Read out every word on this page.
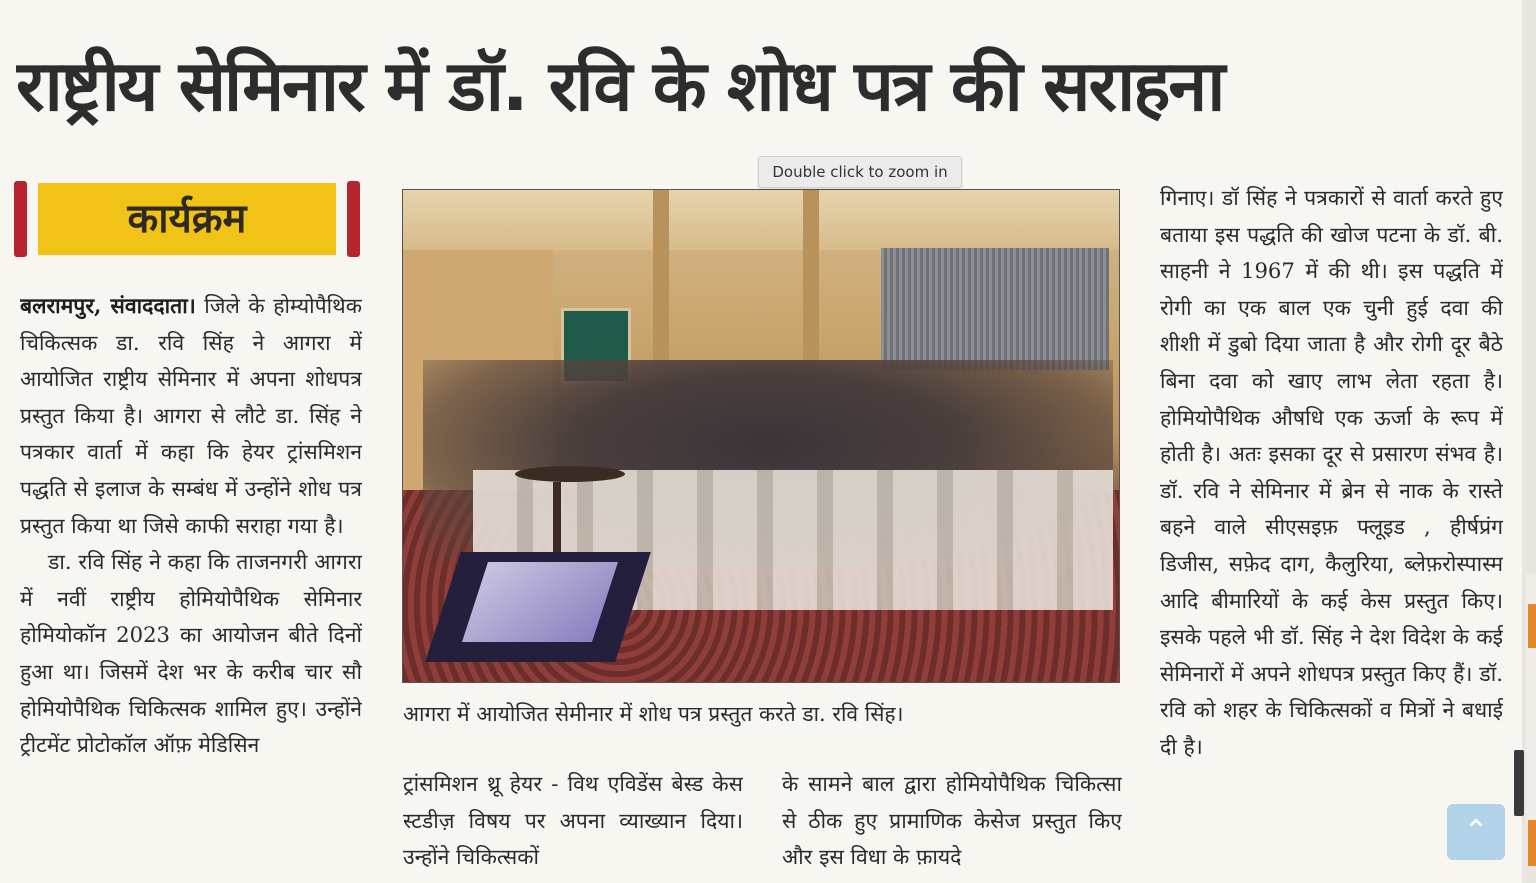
राष्ट्रीय सेमिनार में डॉ. रवि के शोध पत्र की सराहना
कार्यक्रम

बलरामपुर, संवाददाता। जिले के होम्योपैथिक चिकित्सक डा. रवि सिंह ने आगरा में आयोजित राष्ट्रीय सेमिनार में अपना शोधपत्र प्रस्तुत किया है। आगरा से लौटे डा. सिंह ने पत्रकार वार्ता में कहा कि हेयर ट्रांसमिशन पद्धति से इलाज के सम्बंध में उन्होंने शोध पत्र प्रस्तुत किया था जिसे काफी सराहा गया है।

डा. रवि सिंह ने कहा कि ताजनगरी आगरा में नवीं राष्ट्रीय होमियोपैथिक सेमिनार होमियोकॉन 2023 का आयोजन बीते दिनों हुआ था। जिसमें देश भर के करीब चार सौ होमियोपैथिक चिकित्सक शामिल हुए। उन्होंने ट्रीटमेंट प्रोटोकॉल ऑफ़ मेडिसिन

आगरा में आयोजित सेमीनार में शोध पत्र प्रस्तुत करते डा. रवि सिंह।

ट्रांसमिशन थ्रू हेयर - विथ एविडेंस बेस्ड केस स्टडीज़ विषय पर अपना व्याख्यान दिया। उन्होंने चिकित्सकों

के सामने बाल द्वारा होमियोपैथिक चिकित्सा से ठीक हुए प्रामाणिक केसेज प्रस्तुत किए और इस विधा के फ़ायदे

गिनाए। डॉ सिंह ने पत्रकारों से वार्ता करते हुए बताया इस पद्धति की खोज पटना के डॉ. बी. साहनी ने 1967 में की थी। इस पद्धति में रोगी का एक बाल एक चुनी हुई दवा की शीशी में डुबो दिया जाता है और रोगी दूर बैठे बिना दवा को खाए लाभ लेता रहता है। होमियोपैथिक औषधि एक ऊर्जा के रूप में होती है। अतः इसका दूर से प्रसारण संभव है। डॉ. रवि ने सेमिनार में ब्रेन से नाक के रास्ते बहने वाले सीएसइफ़ फ्लूइड , हीर्षप्रंग डिजीस, सफ़ेद दाग, कैलुरिया, ब्लेफ़रोस्पास्म आदि बीमारियों के कई केस प्रस्तुत किए। इसके पहले भी डॉ. सिंह ने देश विदेश के कई सेमिनारों में अपने शोधपत्र प्रस्तुत किए हैं। डॉ. रवि को शहर के चिकित्सकों व मित्रों ने बधाई दी है।

Double click to zoom in
⌃
